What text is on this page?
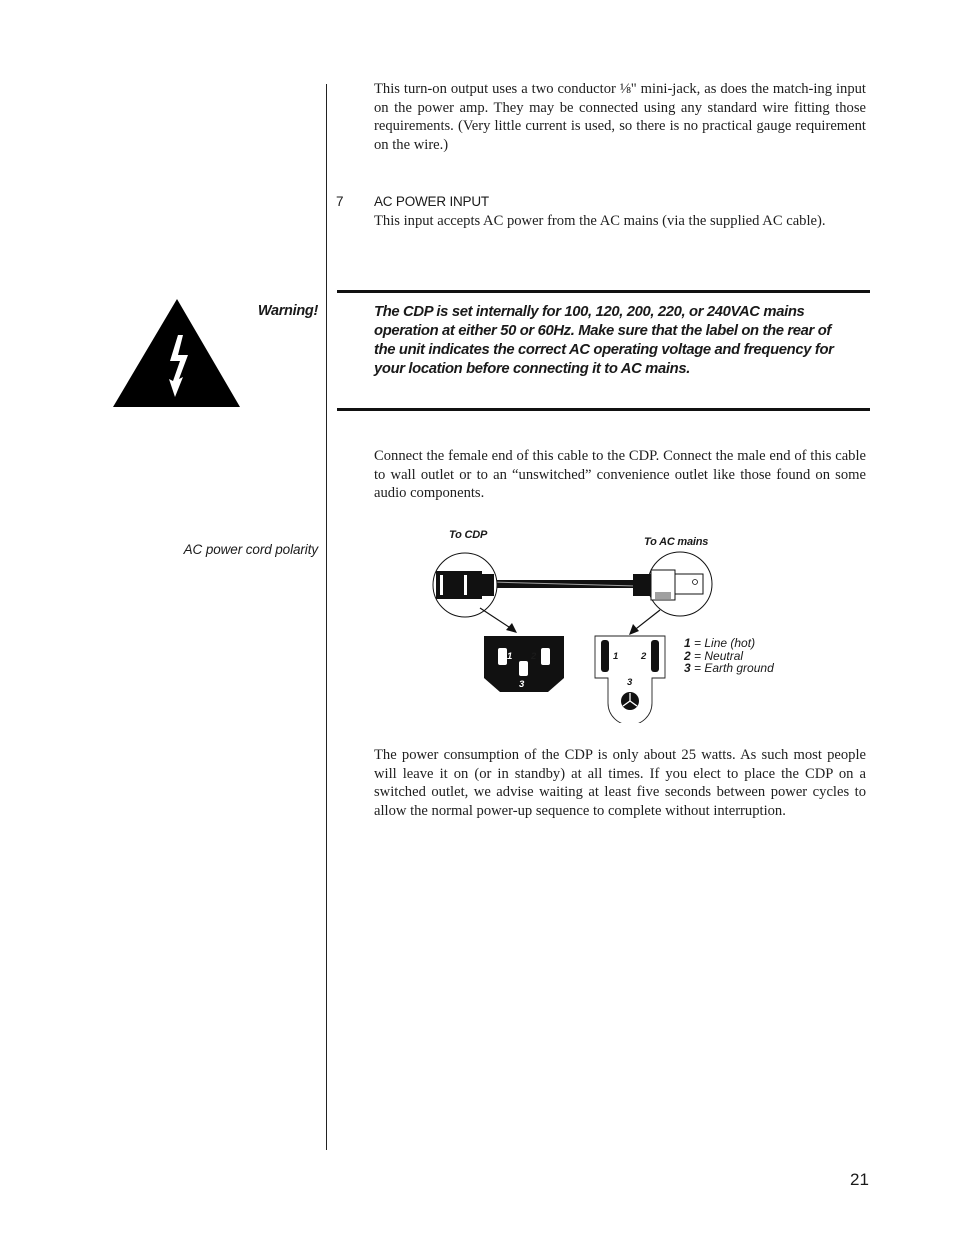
This turn-on output uses a two conductor ⅛" mini-jack, as does the match-ing input on the power amp. They may be connected using any standard wire fitting those requirements. (Very little current is used, so there is no practical gauge requirement on the wire.)

7 AC POWER INPUT

This input accepts AC power from the AC mains (via the supplied AC cable).

Warning!	The CDP is set internally for 100, 120, 200, 220, or 240VAC mains operation at either 50 or 60Hz. Make sure that the label on the rear of the unit indicates the correct AC operating voltage and frequency for your location before connecting it to AC mains.

Connect the female end of this cable to the CDP. Connect the male end of this cable to wall outlet or to an “unswitched” convenience outlet like those found on some audio components.

AC power cord polarity
To CDP
To AC mains
1 2
3
1 2
3
1 = Line (hot)
2 = Neutral
3 = Earth ground

The power consumption of the CDP is only about 25 watts. As such most people will leave it on (or in standby) at all times. If you elect to place the CDP on a switched outlet, we advise waiting at least five seconds between power cycles to allow the normal power-up sequence to complete without interruption.

21
